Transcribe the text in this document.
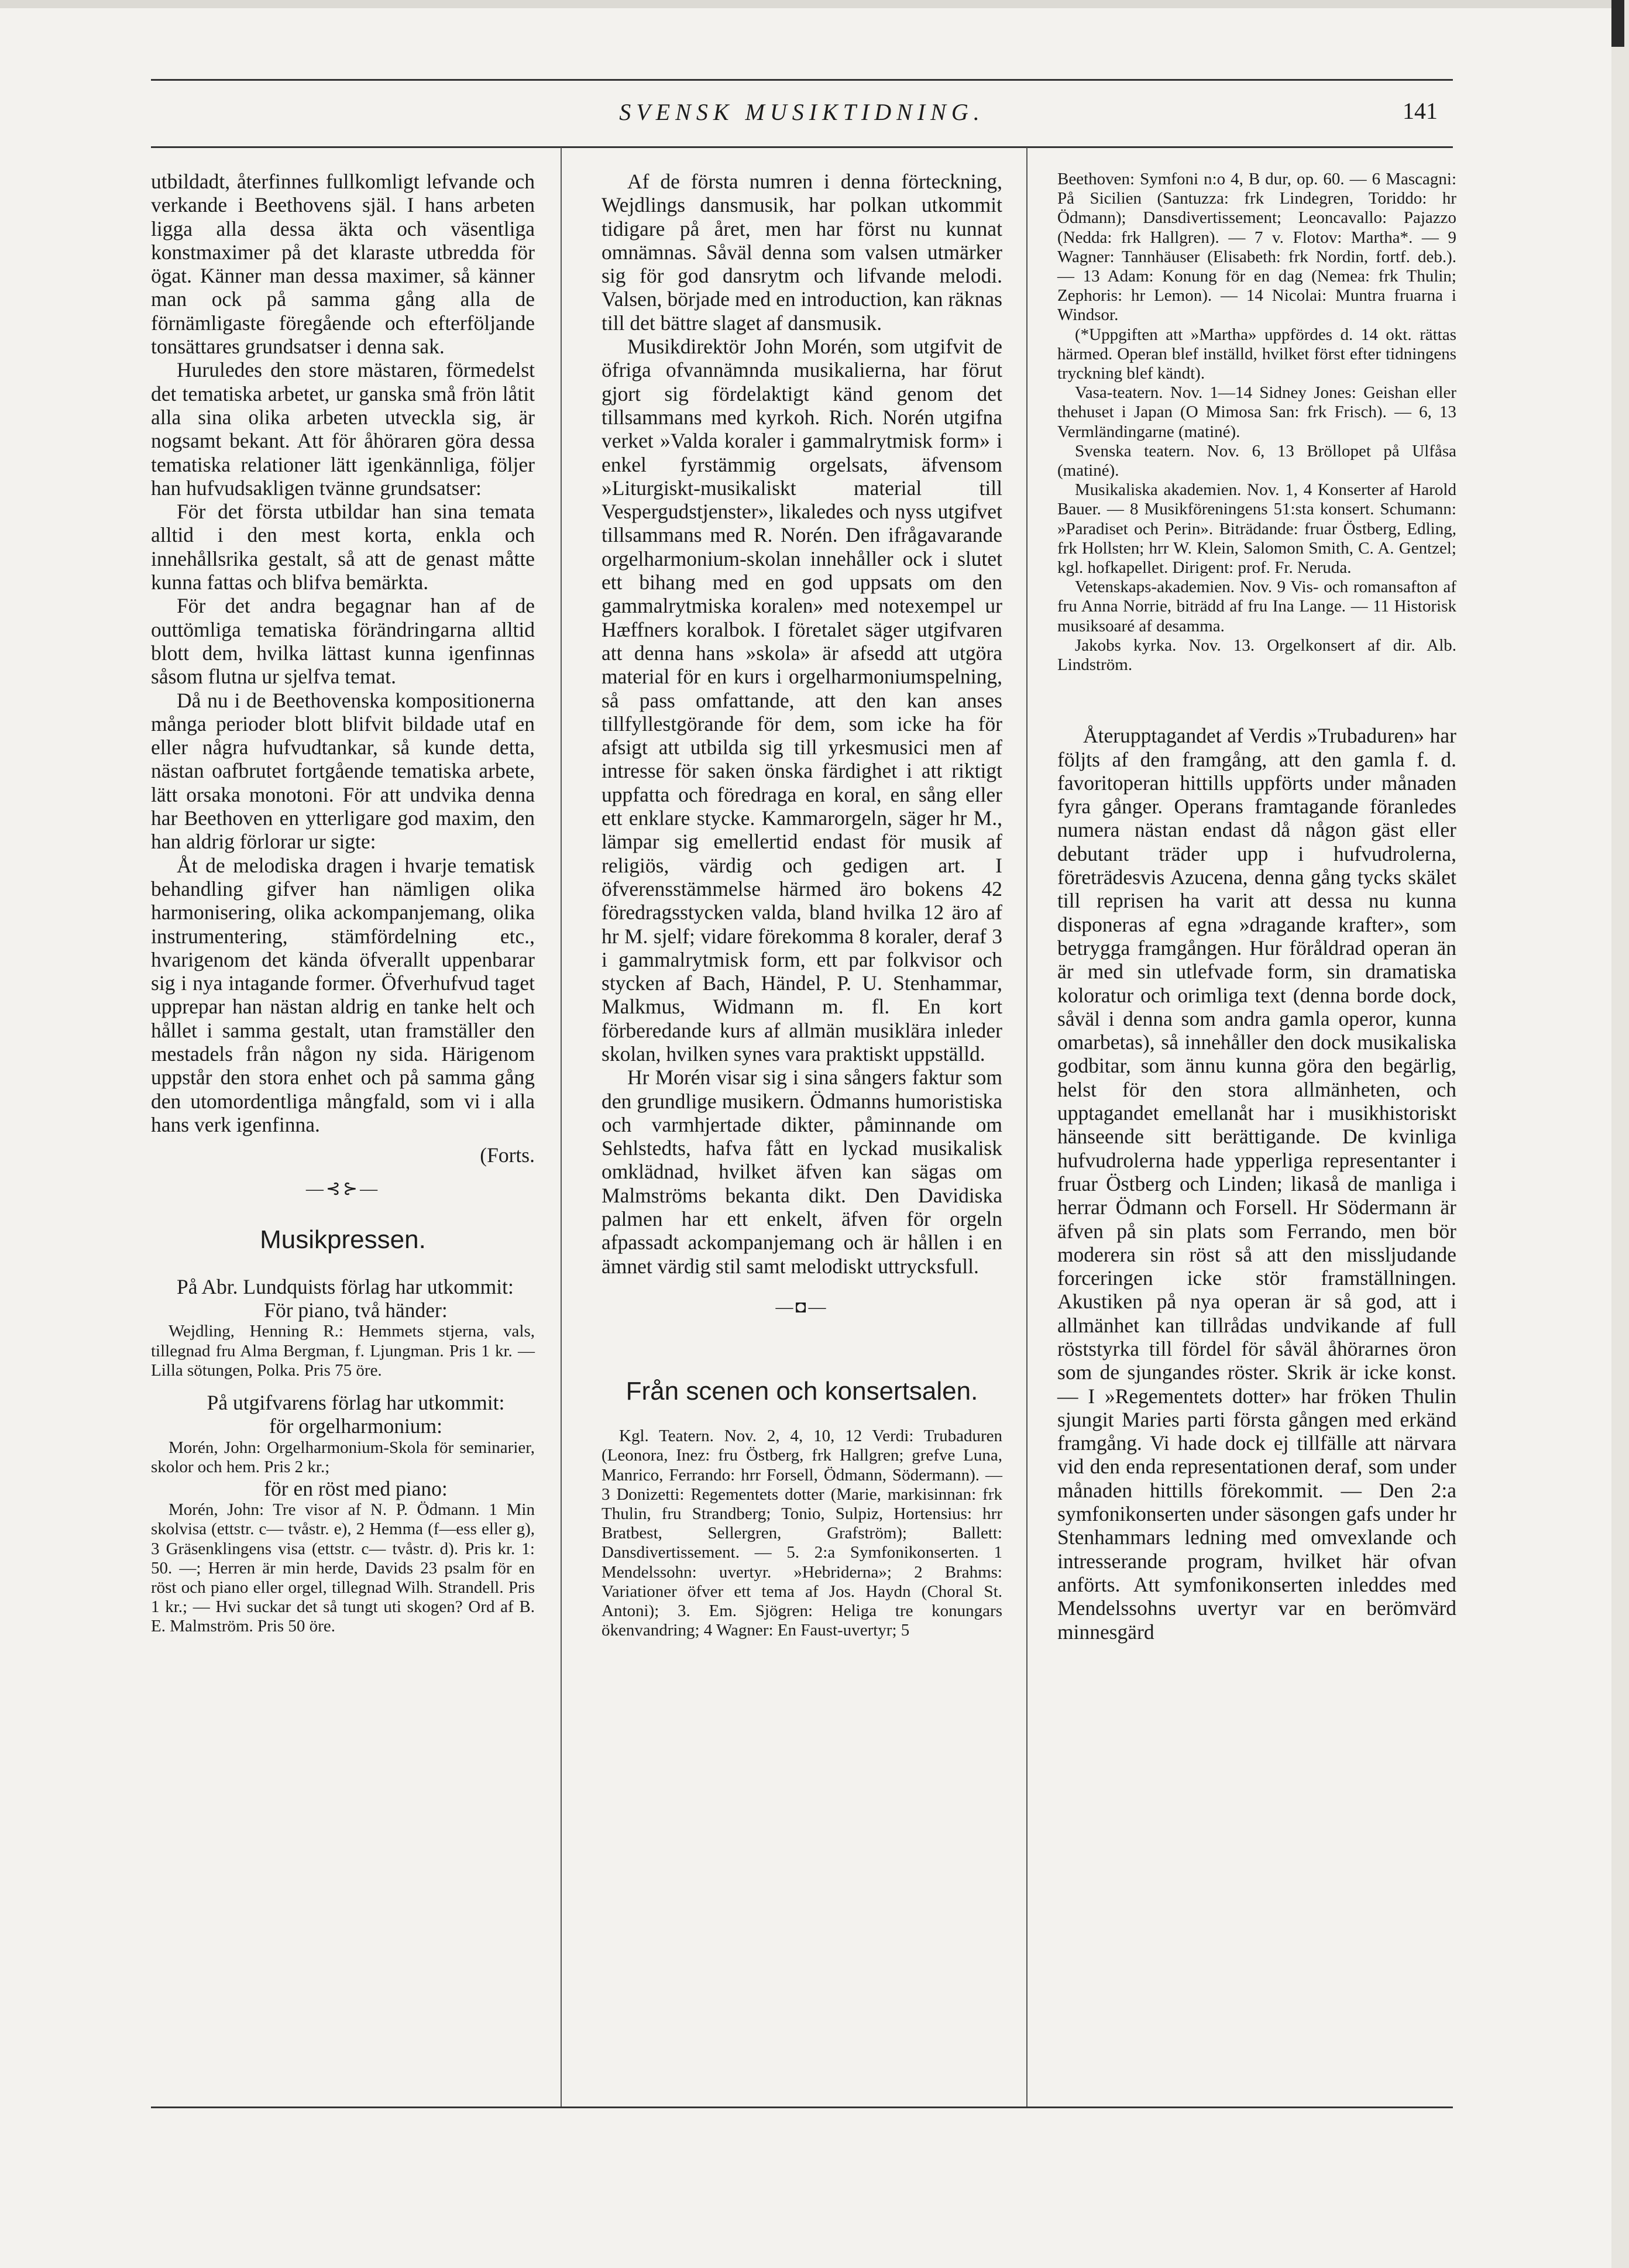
SVENSK MUSIKTIDNING.	141

utbildadt, återfinnes fullkomligt lefvande och verkande i Beethovens själ. I hans arbeten ligga alla dessa äkta och väsentliga konstmaximer på det klaraste utbredda för ögat. Känner man dessa maximer, så känner man ock på samma gång alla de förnämligaste föregående och efterföljande tonsättares grundsatser i denna sak.

Huruledes den store mästaren, förmedelst det tematiska arbetet, ur ganska små frön låtit alla sina olika arbeten utveckla sig, är nogsamt bekant. Att för åhöraren göra dessa tematiska relationer lätt igenkännliga, följer han hufvudsakligen tvänne grundsatser:

För det första utbildar han sina temata alltid i den mest korta, enkla och innehållsrika gestalt, så att de genast måtte kunna fattas och blifva bemärkta.

För det andra begagnar han af de outtömliga tematiska förändringarna alltid blott dem, hvilka lättast kunna igenfinnas såsom flutna ur sjelfva temat.

Då nu i de Beethovenska kompositionerna många perioder blott blifvit bildade utaf en eller några hufvudtankar, så kunde detta, nästan oafbrutet fortgående tematiska arbete, lätt orsaka monotoni. För att undvika denna har Beethoven en ytterligare god maxim, den han aldrig förlorar ur sigte:

Åt de melodiska dragen i hvarje tematisk behandling gifver han nämligen olika harmonisering, olika ackompanjemang, olika instrumentering, stämfördelning etc., hvarigenom det kända öfverallt uppenbarar sig i nya intagande former. Öfverhufvud taget upprepar han nästan aldrig en tanke helt och hållet i samma gestalt, utan framställer den mestadels från någon ny sida. Härigenom uppstår den stora enhet och på samma gång den utomordentliga mångfald, som vi i alla hans verk igenfinna.

(Forts.

—⊰⊱—
Musikpressen.

På Abr. Lundquists förlag har utkommit:

För piano, två händer:

Wejdling, Henning R.: Hemmets stjerna, vals, tillegnad fru Alma Bergman, f. Ljungman. Pris 1 kr. — Lilla sötungen, Polka. Pris 75 öre.

På utgifvarens förlag har utkommit:

för orgelharmonium:

Morén, John: Orgelharmonium-Skola för seminarier, skolor och hem. Pris 2 kr.;

för en röst med piano:

Morén, John: Tre visor af N. P. Ödmann. 1 Min skolvisa (ettstr. c— tvåstr. e), 2 Hemma (f—ess eller g), 3 Gräsenklingens visa (ettstr. c— tvåstr. d). Pris kr. 1: 50. —; Herren är min herde, Davids 23 psalm för en röst och piano eller orgel, tillegnad Wilh. Strandell. Pris 1 kr.; — Hvi suckar det så tungt uti skogen? Ord af B. E. Malmström. Pris 50 öre.

Af de första numren i denna förteckning, Wejdlings dansmusik, har polkan utkommit tidigare på året, men har först nu kunnat omnämnas. Såväl denna som valsen utmärker sig för god dansrytm och lifvande melodi. Valsen, började med en introduction, kan räknas till det bättre slaget af dansmusik.

Musikdirektör John Morén, som utgifvit de öfriga ofvannämnda musikalierna, har förut gjort sig fördelaktigt känd genom det tillsammans med kyrkoh. Rich. Norén utgifna verket »Valda koraler i gammalrytmisk form» i enkel fyrstämmig orgelsats, äfvensom »Liturgiskt-musikaliskt material till Vespergudstjenster», likaledes och nyss utgifvet tillsammans med R. Norén. Den ifrågavarande orgelharmonium-skolan innehåller ock i slutet ett bihang med en god uppsats om den gammalrytmiska koralen» med notexempel ur Hæffners koralbok. I företalet säger utgifvaren att denna hans »skola» är afsedd att utgöra material för en kurs i orgelharmoniumspelning, så pass omfattande, att den kan anses tillfyllestgörande för dem, som icke ha för afsigt att utbilda sig till yrkesmusici men af intresse för saken önska färdighet i att riktigt uppfatta och föredraga en koral, en sång eller ett enklare stycke. Kammarorgeln, säger hr M., lämpar sig emellertid endast för musik af religiös, värdig och gedigen art. I öfverensstämmelse härmed äro bokens 42 föredragsstycken valda, bland hvilka 12 äro af hr M. sjelf; vidare förekomma 8 koraler, deraf 3 i gammalrytmisk form, ett par folkvisor och stycken af Bach, Händel, P. U. Stenhammar, Malkmus, Widmann m. fl. En kort förberedande kurs af allmän musiklära inleder skolan, hvilken synes vara praktiskt uppställd.

Hr Morén visar sig i sina sångers faktur som den grundlige musikern. Ödmanns humoristiska och varmhjertade dikter, påminnande om Sehlstedts, hafva fått en lyckad musikalisk omklädnad, hvilket äfven kan sägas om Malmströms bekanta dikt. Den Davidiska palmen har ett enkelt, äfven för orgeln afpassadt ackompanjemang och är hållen i en ämnet värdig stil samt melodiskt uttrycksfull.

—◘—
Från scenen och konsertsalen.

Kgl. Teatern. Nov. 2, 4, 10, 12 Verdi: Trubaduren (Leonora, Inez: fru Östberg, frk Hallgren; grefve Luna, Manrico, Ferrando: hrr Forsell, Ödmann, Södermann). — 3 Donizetti: Regementets dotter (Marie, markisinnan: frk Thulin, fru Strandberg; Tonio, Sulpiz, Hortensius: hrr Bratbest, Sellergren, Grafström); Ballett: Dansdivertissement. — 5. 2:a Symfonikonserten. 1 Mendelssohn: uvertyr. »Hebriderna»; 2 Brahms: Variationer öfver ett tema af Jos. Haydn (Choral St. Antoni); 3. Em. Sjögren: Heliga tre konungars ökenvandring; 4 Wagner: En Faust-uvertyr; 5

Beethoven: Symfoni n:o 4, B dur, op. 60. — 6 Mascagni: På Sicilien (Santuzza: frk Lindegren, Toriddo: hr Ödmann); Dansdivertissement; Leoncavallo: Pajazzo (Nedda: frk Hallgren). — 7 v. Flotov: Martha*. — 9 Wagner: Tannhäuser (Elisabeth: frk Nordin, fortf. deb.). — 13 Adam: Konung för en dag (Nemea: frk Thulin; Zephoris: hr Lemon). — 14 Nicolai: Muntra fruarna i Windsor.

(*Uppgiften att »Martha» uppfördes d. 14 okt. rättas härmed. Operan blef inställd, hvilket först efter tidningens tryckning blef kändt).

Vasa-teatern. Nov. 1—14 Sidney Jones: Geishan eller thehuset i Japan (O Mimosa San: frk Frisch). — 6, 13 Vermländingarne (matiné).

Svenska teatern. Nov. 6, 13 Bröllopet på Ulfåsa (matiné).

Musikaliska akademien. Nov. 1, 4 Konserter af Harold Bauer. — 8 Musikföreningens 51:sta konsert. Schumann: »Paradiset och Perin». Biträdande: fruar Östberg, Edling, frk Hollsten; hrr W. Klein, Salomon Smith, C. A. Gentzel; kgl. hofkapellet. Dirigent: prof. Fr. Neruda.

Vetenskaps-akademien. Nov. 9 Vis- och romansafton af fru Anna Norrie, biträdd af fru Ina Lange. — 11 Historisk musiksoaré af desamma.

Jakobs kyrka. Nov. 13. Orgelkonsert af dir. Alb. Lindström.

Återupptagandet af Verdis »Trubaduren» har följts af den framgång, att den gamla f. d. favoritoperan hittills uppförts under månaden fyra gånger. Operans framtagande föranledes numera nästan endast då någon gäst eller debutant träder upp i hufvudrolerna, företrädesvis Azucena, denna gång tycks skälet till reprisen ha varit att dessa nu kunna disponeras af egna »dragande krafter», som betrygga framgången. Hur föråldrad operan än är med sin utlefvade form, sin dramatiska koloratur och orimliga text (denna borde dock, såväl i denna som andra gamla operor, kunna omarbetas), så innehåller den dock musikaliska godbitar, som ännu kunna göra den begärlig, helst för den stora allmänheten, och upptagandet emellanåt har i musikhistoriskt hänseende sitt berättigande. De kvinliga hufvudrolerna hade ypperliga representanter i fruar Östberg och Linden; likaså de manliga i herrar Ödmann och Forsell. Hr Södermann är äfven på sin plats som Ferrando, men bör moderera sin röst så att den missljudande forceringen icke stör framställningen. Akustiken på nya operan är så god, att i allmänhet kan tillrådas undvikande af full röststyrka till fördel för såväl åhörarnes öron som de sjungandes röster. Skrik är icke konst. — I »Regementets dotter» har fröken Thulin sjungit Maries parti första gången med erkänd framgång. Vi hade dock ej tillfälle att närvara vid den enda representationen deraf, som under månaden hittills förekommit. — Den 2:a symfonikonserten under säsongen gafs under hr Stenhammars ledning med omvexlande och intresserande program, hvilket här ofvan anförts. Att symfonikonserten inleddes med Mendelssohns uvertyr var en berömvärd minnesgärd
